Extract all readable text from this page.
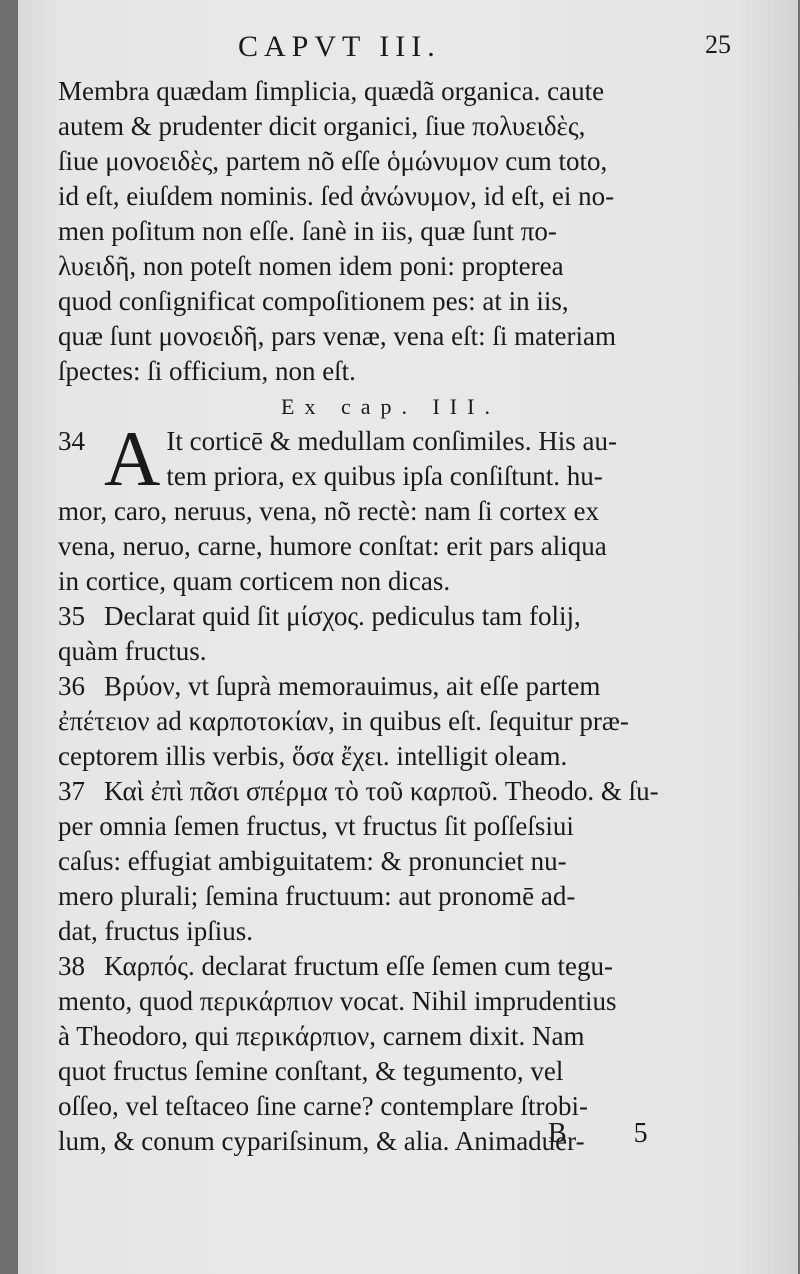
CAPVT III.	25
Membra quædam ſimplicia, quædã organica. caute
autem & prudenter dicit organici, ſiue πολυειδὲς,
ſiue μονοειδὲς, partem nõ eſſe ὁμώνυμον cum toto,
id eſt, eiuſdem nominis. ſed ἀνώνυμον, id eſt, ei no-
men poſitum non eſſe. ſanè in iis, quæ ſunt πο-
λυειδῆ, non poteſt nomen idem poni: propterea
quod conſignificat compoſitionem pes: at in iis,
quæ ſunt μονοειδῆ, pars venæ, vena eſt: ſi materiam
ſpectes: ſi officium, non eſt.
Ex cap. III.
34 A It corticē & medullam conſimiles. His au-
tem priora, ex quibus ipſa conſiſtunt. hu-
mor, caro, neruus, vena, nõ rectè: nam ſi cortex ex
vena, neruo, carne, humore conſtat: erit pars aliqua
in cortice, quam corticem non dicas.
35 Declarat quid ſit μίσχος. pediculus tam folij,
quàm fructus.
36 Βρύον, vt ſuprà memorauimus, ait eſſe partem
ἐπέτειον ad καρποτοκίαν, in quibus eſt. ſequitur præ-
ceptorem illis verbis, ὅσα ἔχει. intelligit oleam.
37 Καὶ ἐπὶ πᾶσι σπέρμα τὸ τοῦ καρποῦ. Theodo. & ſu-
per omnia ſemen fructus, vt fructus ſit poſſeſsiui
caſus: effugiat ambiguitatem: & pronunciet nu-
mero plurali; ſemina fructuum: aut pronomē ad-
dat, fructus ipſius.
38 Καρπός. declarat fructum eſſe ſemen cum tegu-
mento, quod περικάρπιον vocat. Nihil imprudentius
à Theodoro, qui περικάρπιον, carnem dixit. Nam
quot fructus ſemine conſtant, & tegumento, vel
oſſeo, vel teſtaceo ſine carne? contemplare ſtrobi-
lum, & conum cypariſsinum, & alia. Animaduer-
B 5
